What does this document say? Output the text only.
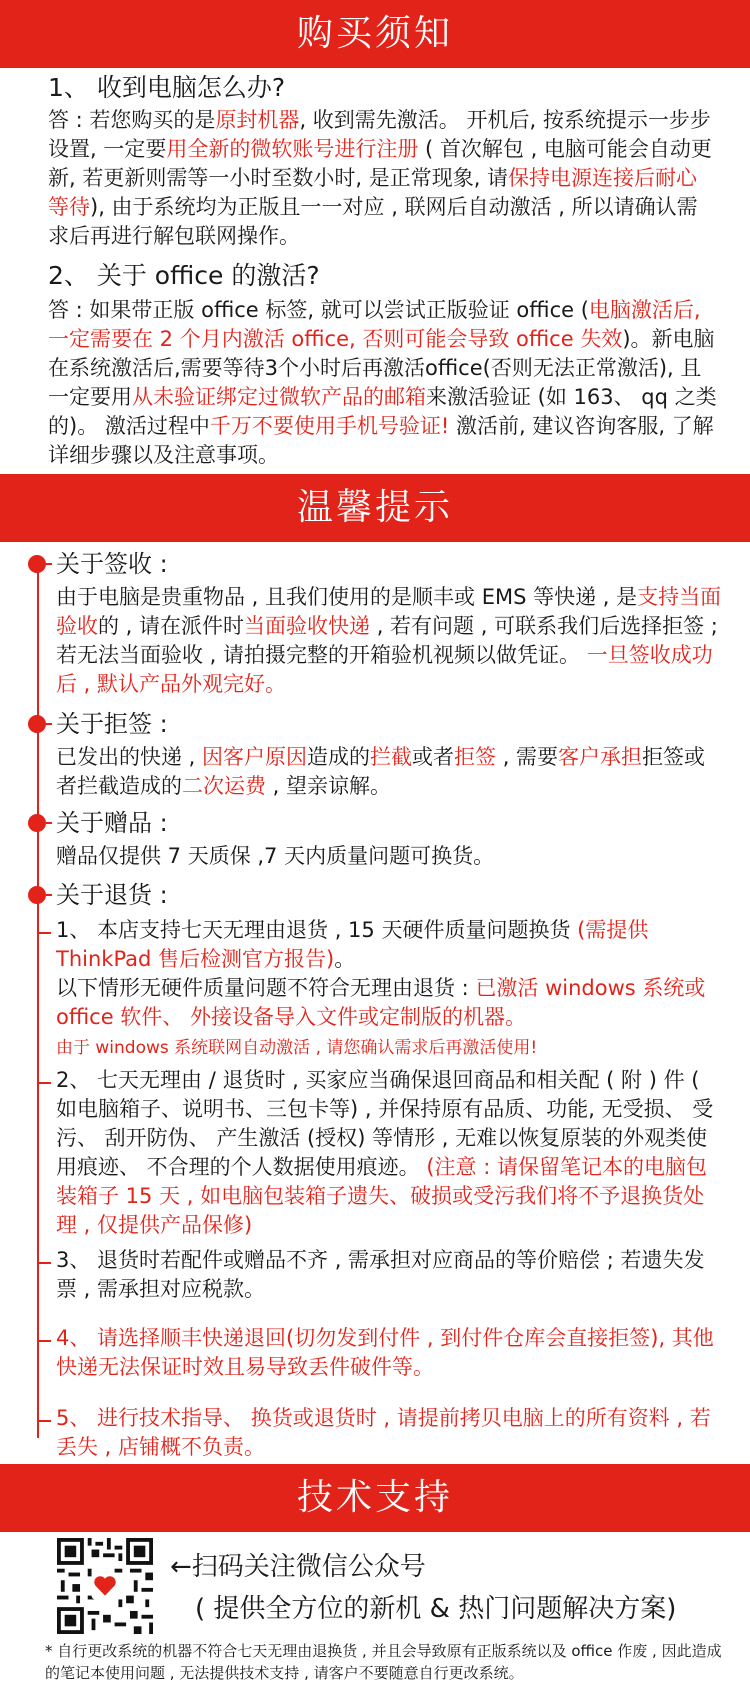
购买须知
1、 收到电脑怎么办?
答 : 若您购买的是原封机器, 收到需先激活。 开机后, 按系统提示一步步设置, 一定要用全新的微软账号进行注册 ( 首次解包 , 电脑可能会自动更新, 若更新则需等一小时至数小时, 是正常现象, 请保持电源连接后耐心等待), 由于系统均为正版且一一对应 , 联网后自动激活 , 所以请确认需求后再进行解包联网操作。
2、 关于 office 的激活?
答 : 如果带正版 office 标签, 就可以尝试正版验证 office (电脑激活后, 一定需要在 2 个月内激活 office, 否则可能会导致 office 失效)。新电脑在系统激活后,需要等待3个小时后再激活office(否则无法正常激活), 且一定要用从未验证绑定过微软产品的邮箱来激活验证 (如 163、 qq 之类的)。 激活过程中千万不要使用手机号验证! 激活前, 建议咨询客服, 了解详细步骤以及注意事项。
温馨提示
关于签收 :
由于电脑是贵重物品 , 且我们使用的是顺丰或 EMS 等快递 , 是支持当面验收的 , 请在派件时当面验收快递 , 若有问题 , 可联系我们后选择拒签 ; 若无法当面验收 , 请拍摄完整的开箱验机视频以做凭证。 一旦签收成功后 , 默认产品外观完好。
关于拒签 :
已发出的快递 , 因客户原因造成的拦截或者拒签 , 需要客户承担拒签或者拦截造成的二次运费 , 望亲谅解。
关于赠品 :
赠品仅提供 7 天质保 ,7 天内质量问题可换货。
关于退货 :
1、 本店支持七天无理由退货 , 15 天硬件质量问题换货 (需提供 ThinkPad 售后检测官方报告)。
以下情形无硬件质量问题不符合无理由退货 : 已激活 windows 系统或 office 软件、 外接设备导入文件或定制版的机器。
由于 windows 系统联网自动激活 , 请您确认需求后再激活使用!
2、 七天无理由 / 退货时 , 买家应当确保退回商品和相关配 ( 附 ) 件 ( 如电脑箱子、说明书、三包卡等) , 并保持原有品质、功能, 无受损、 受污、 刮开防伪、 产生激活 (授权) 等情形 , 无难以恢复原装的外观类使用痕迹、 不合理的个人数据使用痕迹。 (注意 : 请保留笔记本的电脑包装箱子 15 天 , 如电脑包装箱子遗失、破损或受污我们将不予退换货处理 , 仅提供产品保修)
3、 退货时若配件或赠品不齐 , 需承担对应商品的等价赔偿 ; 若遗失发票 , 需承担对应税款。
4、 请选择顺丰快递退回(切勿发到付件 , 到付件仓库会直接拒签), 其他快递无法保证时效且易导致丢件破件等。
5、 进行技术指导、 换货或退货时 , 请提前拷贝电脑上的所有资料 , 若丢失 , 店铺概不负责。
技术支持
←扫码关注微信公众号
( 提供全方位的新机 & 热门问题解决方案)
* 自行更改系统的机器不符合七天无理由退换货 , 并且会导致原有正版系统以及 office 作废 , 因此造成的笔记本使用问题 , 无法提供技术支持 , 请客户不要随意自行更改系统。
